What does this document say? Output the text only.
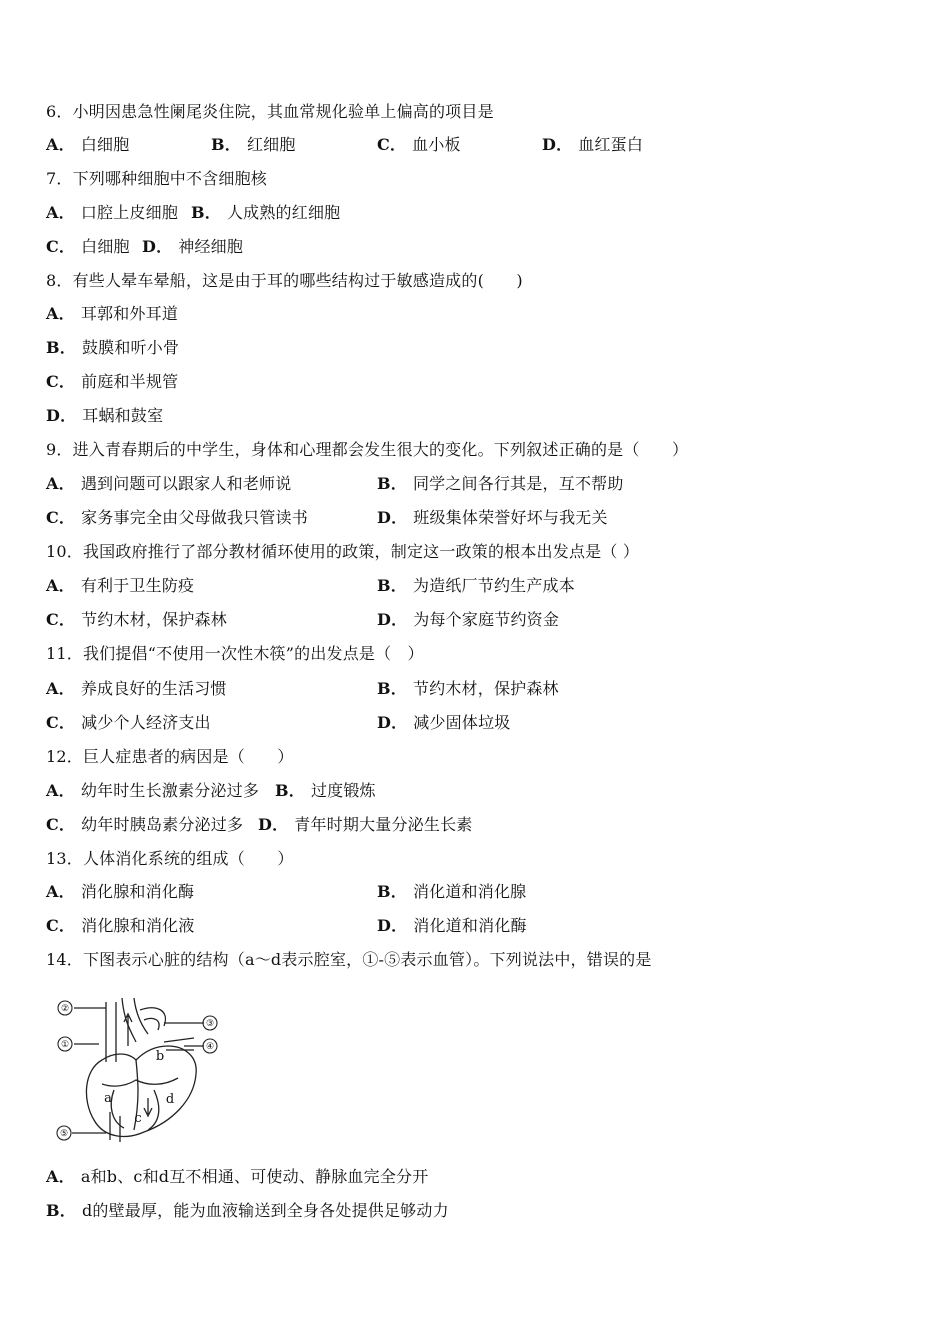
6．小明因患急性阑尾炎住院，其血常规化验单上偏高的项目是
A． 白细胞	B． 红细胞	C． 血小板	D． 血红蛋白
7．下列哪种细胞中不含细胞核
A． 口腔上皮细胞 B． 人成熟的红细胞
C． 白细胞 D． 神经细胞
8．有些人晕车晕船，这是由于耳的哪些结构过于敏感造成的(　　)
A． 耳郭和外耳道
B． 鼓膜和听小骨
C． 前庭和半规管
D． 耳蜗和鼓室
9．进入青春期后的中学生，身体和心理都会发生很大的变化。下列叙述正确的是（　　）
A． 遇到问题可以跟家人和老师说	B． 同学之间各行其是，互不帮助
C． 家务事完全由父母做我只管读书	D． 班级集体荣誉好坏与我无关
10．我国政府推行了部分教材循环使用的政策，制定这一政策的根本出发点是（ ）
A． 有利于卫生防疫	B． 为造纸厂节约生产成本
C． 节约木材，保护森林	D． 为每个家庭节约资金
11．我们提倡“不使用一次性木筷”的出发点是（　）
A． 养成良好的生活习惯	B． 节约木材，保护森林
C． 减少个人经济支出	D． 减少固体垃圾
12．巨人症患者的病因是（　　）
A． 幼年时生长激素分泌过多 B． 过度锻炼
C． 幼年时胰岛素分泌过多 D． 青年时期大量分泌生长素
13．人体消化系统的组成（　　）
A． 消化腺和消化酶	B． 消化道和消化腺
C． 消化腺和消化液	D． 消化道和消化酶
14．下图表示心脏的结构（a～d表示腔室，①-⑤表示血管）。下列说法中，错误的是
②
①
③
④
⑤
a
b
c
d
A． a和b、c和d互不相通、可使动、静脉血完全分开
B． d的壁最厚，能为血液输送到全身各处提供足够动力
